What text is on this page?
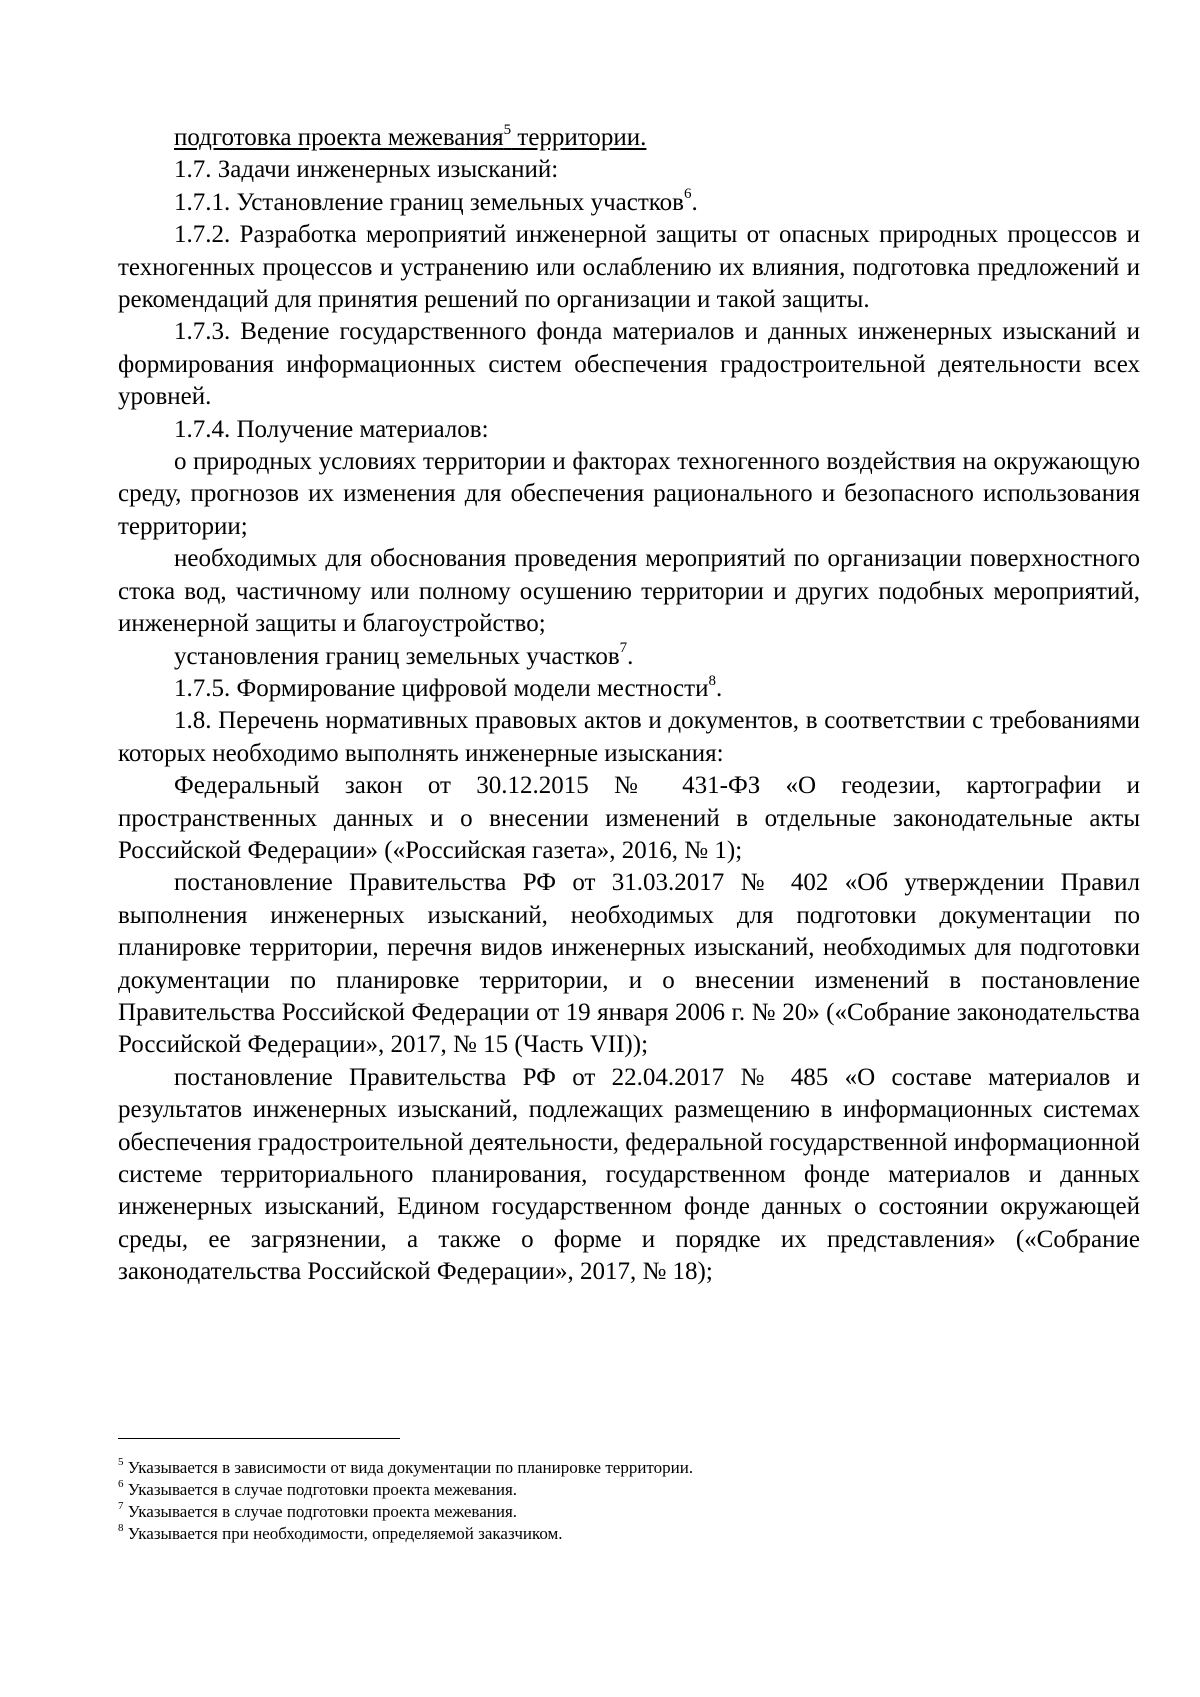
подготовка проекта межевания$^5$ территории.

1.7. Задачи инженерных изысканий:

1.7.1. Установление границ земельных участков$^6$.

1.7.2. Разработка мероприятий инженерной защиты от опасных природных процессов и техногенных процессов и устранению или ослаблению их влияния, подготовка предложений и рекомендаций для принятия решений по организации и такой защиты.

1.7.3. Ведение государственного фонда материалов и данных инженерных изысканий и формирования информационных систем обеспечения градостроительной деятельности всех уровней.

1.7.4. Получение материалов:

о природных условиях территории и факторах техногенного воздействия на окружающую среду, прогнозов их изменения для обеспечения рационального и безопасного использования территории;

необходимых для обоснования проведения мероприятий по организации поверхностного стока вод, частичному или полному осушению территории и других подобных мероприятий, инженерной защиты и благоустройство;

установления границ земельных участков$^7$.

1.7.5. Формирование цифровой модели местности$^8$.

1.8. Перечень нормативных правовых актов и документов, в соответствии с требованиями которых необходимо выполнять инженерные изыскания:

Федеральный закон от 30.12.2015 № 431-ФЗ «О геодезии, картографии и пространственных данных и о внесении изменений в отдельные законодательные акты Российской Федерации» («Российская газета», 2016, № 1);

постановление Правительства РФ от 31.03.2017 № 402 «Об утверждении Правил выполнения инженерных изысканий, необходимых для подготовки документации по планировке территории, перечня видов инженерных изысканий, необходимых для подготовки документации по планировке территории, и о внесении изменений в постановление Правительства Российской Федерации от 19 января 2006 г. № 20» («Собрание законодательства Российской Федерации», 2017, № 15 (Часть VII));

постановление Правительства РФ от 22.04.2017 № 485 «О составе материалов и результатов инженерных изысканий, подлежащих размещению в информационных системах обеспечения градостроительной деятельности, федеральной государственной информационной системе территориального планирования, государственном фонде материалов и данных инженерных изысканий, Едином государственном фонде данных о состоянии окружающей среды, ее загрязнении, а также о форме и порядке их представления» («Собрание законодательства Российской Федерации», 2017, № 18);

$^5$ Указывается в зависимости от вида документации по планировке территории.

$^6$ Указывается в случае подготовки проекта межевания.

$^7$ Указывается в случае подготовки проекта межевания.

$^8$ Указывается при необходимости, определяемой заказчиком.
